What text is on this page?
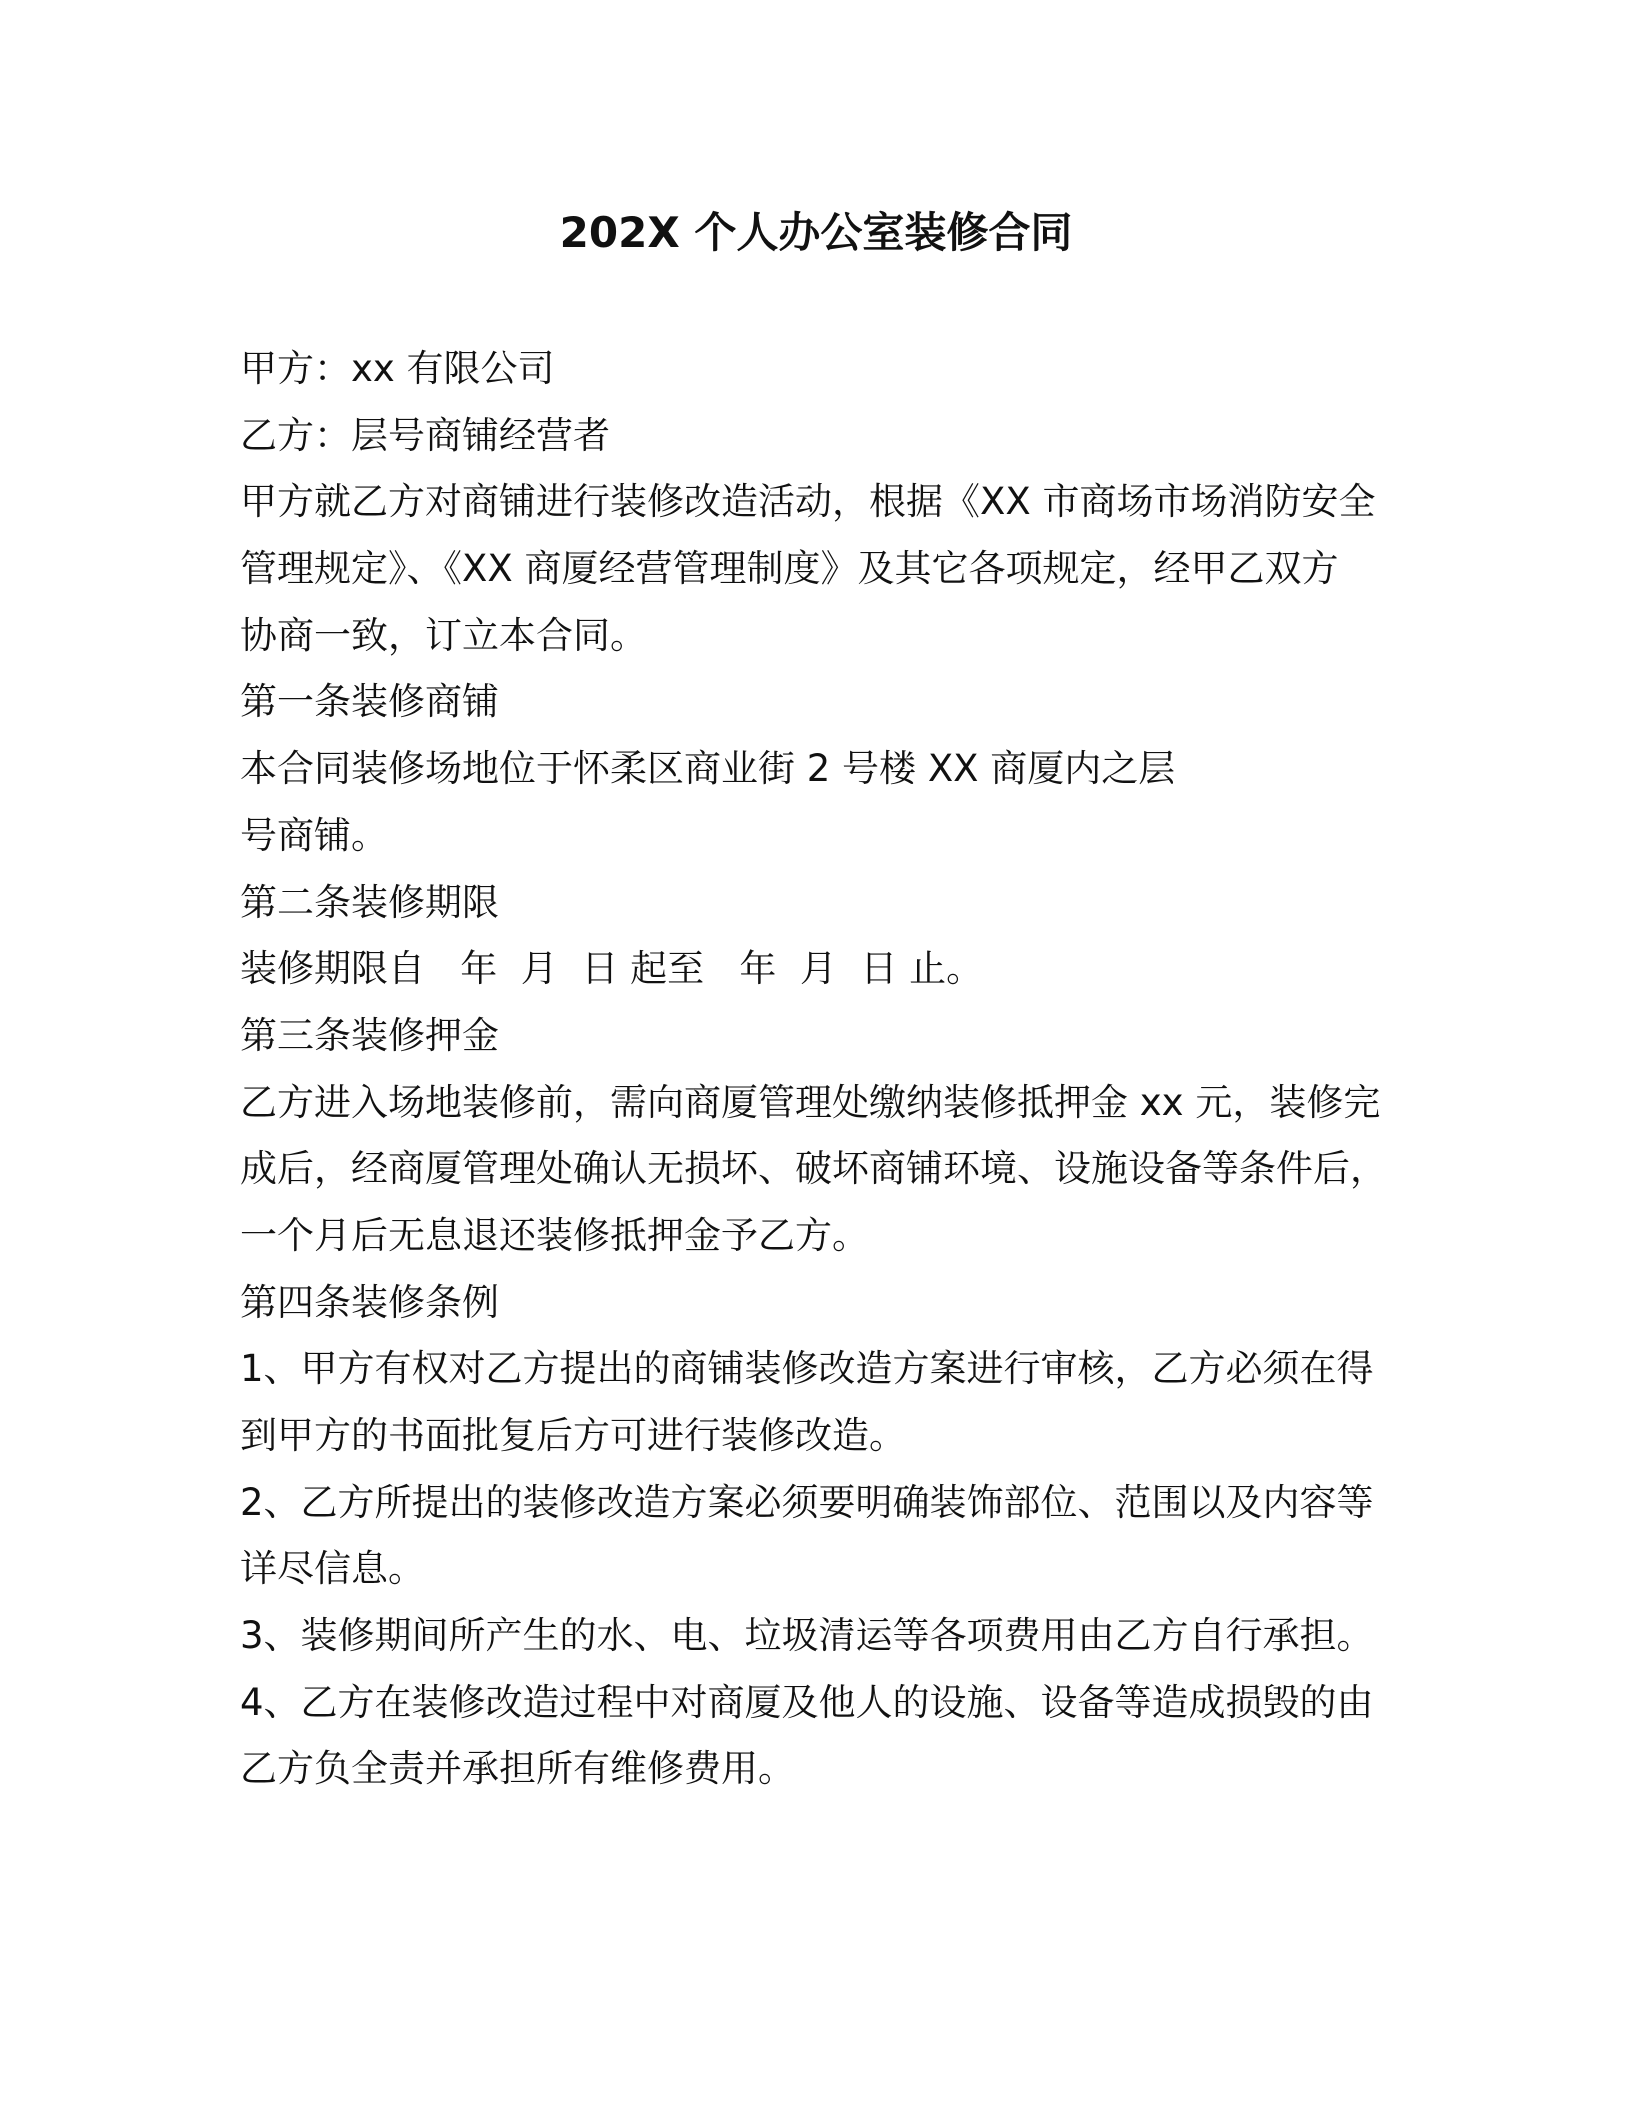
202X 个人办公室装修合同
甲方：xx 有限公司
乙方：层号商铺经营者
甲方就乙方对商铺进行装修改造活动，根据《XX 市商场市场消防安全
管理规定》、《XX 商厦经营管理制度》及其它各项规定，经甲乙双方
协商一致，订立本合同。
第一条装修商铺
本合同装修场地位于怀柔区商业街 2 号楼 XX 商厦内之层
号商铺。
第二条装修期限
装修期限自   年  月  日 起至   年  月  日 止。
第三条装修押金
乙方进入场地装修前，需向商厦管理处缴纳装修抵押金 xx 元，装修完
成后，经商厦管理处确认无损坏、破坏商铺环境、设施设备等条件后，
一个月后无息退还装修抵押金予乙方。
第四条装修条例
1、甲方有权对乙方提出的商铺装修改造方案进行审核，乙方必须在得
到甲方的书面批复后方可进行装修改造。
2、乙方所提出的装修改造方案必须要明确装饰部位、范围以及内容等
详尽信息。
3、装修期间所产生的水、电、垃圾清运等各项费用由乙方自行承担。
4、乙方在装修改造过程中对商厦及他人的设施、设备等造成损毁的由
乙方负全责并承担所有维修费用。
